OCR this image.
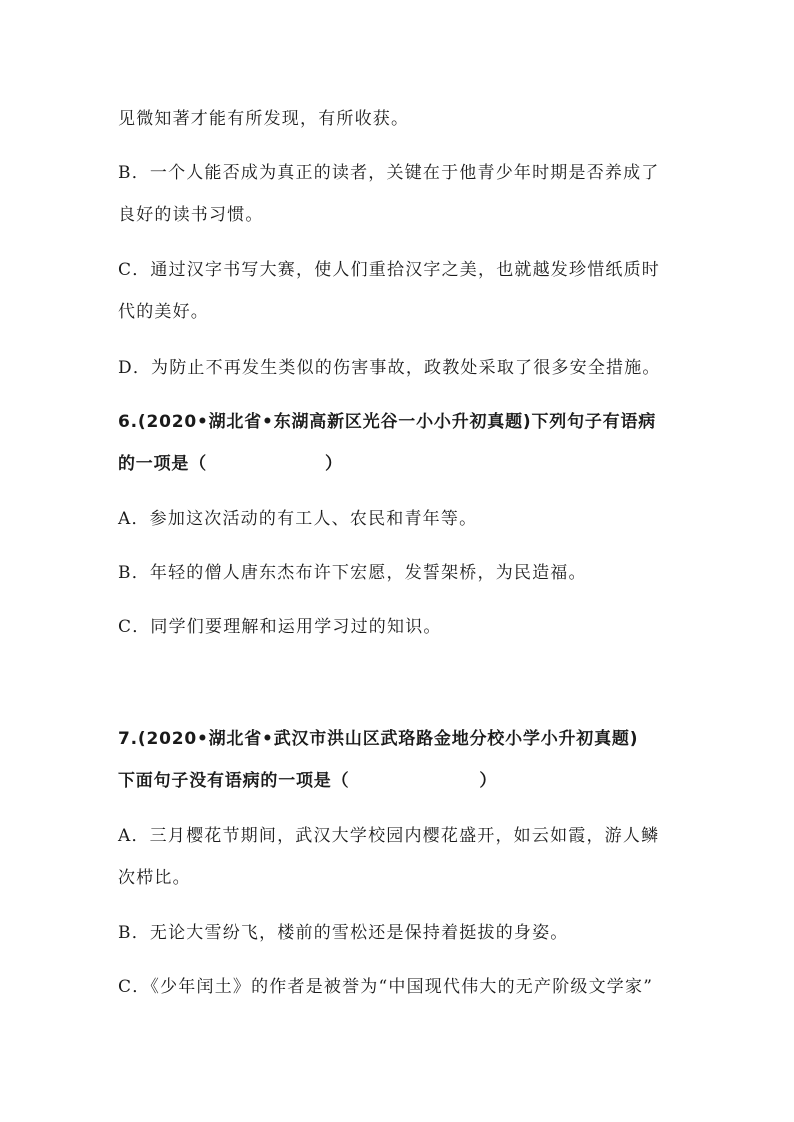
见微知著才能有所发现，有所收获。
B．一个人能否成为真正的读者，关键在于他青少年时期是否养成了
良好的读书习惯。
C．通过汉字书写大赛，使人们重拾汉字之美，也就越发珍惜纸质时
代的美好。
D．为防止不再发生类似的伤害事故，政教处采取了很多安全措施。
6.(2020•湖北省•东湖高新区光谷一小小升初真题)下列句子有语病
的一项是（	）
A．参加这次活动的有工人、农民和青年等。
B．年轻的僧人唐东杰布许下宏愿，发誓架桥，为民造福。
C．同学们要理解和运用学习过的知识。
7.(2020•湖北省•武汉市洪山区武珞路金地分校小学小升初真题)
下面句子没有语病的一项是（	）
A．三月樱花节期间，武汉大学校园内樱花盛开，如云如霞，游人鳞
次栉比。
B．无论大雪纷飞，楼前的雪松还是保持着挺拔的身姿。
C．《少年闰土》的作者是被誉为“中国现代伟大的无产阶级文学家”
